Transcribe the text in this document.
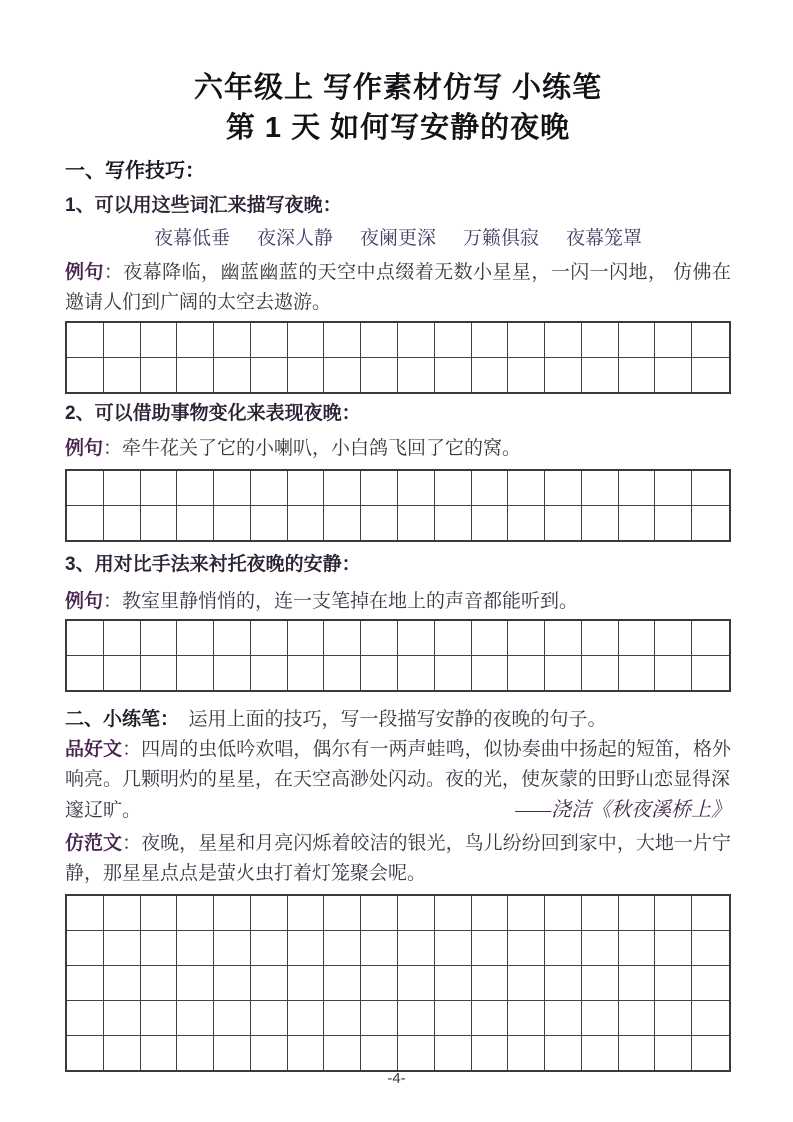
六年级上 写作素材仿写 小练笔
第 1 天 如何写安静的夜晚
一、写作技巧：
1、可以用这些词汇来描写夜晚：
夜幕低垂 夜深人静 夜阑更深 万籁俱寂 夜幕笼罩

例句：夜幕降临，幽蓝幽蓝的天空中点缀着无数小星星，一闪一闪地， 仿佛在邀请人们到广阔的太空去遨游。

2、可以借助事物变化来表现夜晚：

例句：牵牛花关了它的小喇叭，小白鸽飞回了它的窝。

3、用对比手法来衬托夜晚的安静：

例句：教室里静悄悄的，连一支笔掉在地上的声音都能听到。

二、小练笔：　运用上面的技巧，写一段描写安静的夜晚的句子。

品好文：四周的虫低吟欢唱，偶尔有一两声蛙鸣，似协奏曲中扬起的短笛，格外响亮。几颗明灼的星星，在天空高渺处闪动。夜的光，使灰蒙的田野山恋显得深

邃辽旷。	——浇洁《秋夜溪桥上》

仿范文：夜晚，星星和月亮闪烁着皎洁的银光，鸟儿纷纷回到家中，大地一片宁静，那星星点点是萤火虫打着灯笼聚会呢。

-4-
